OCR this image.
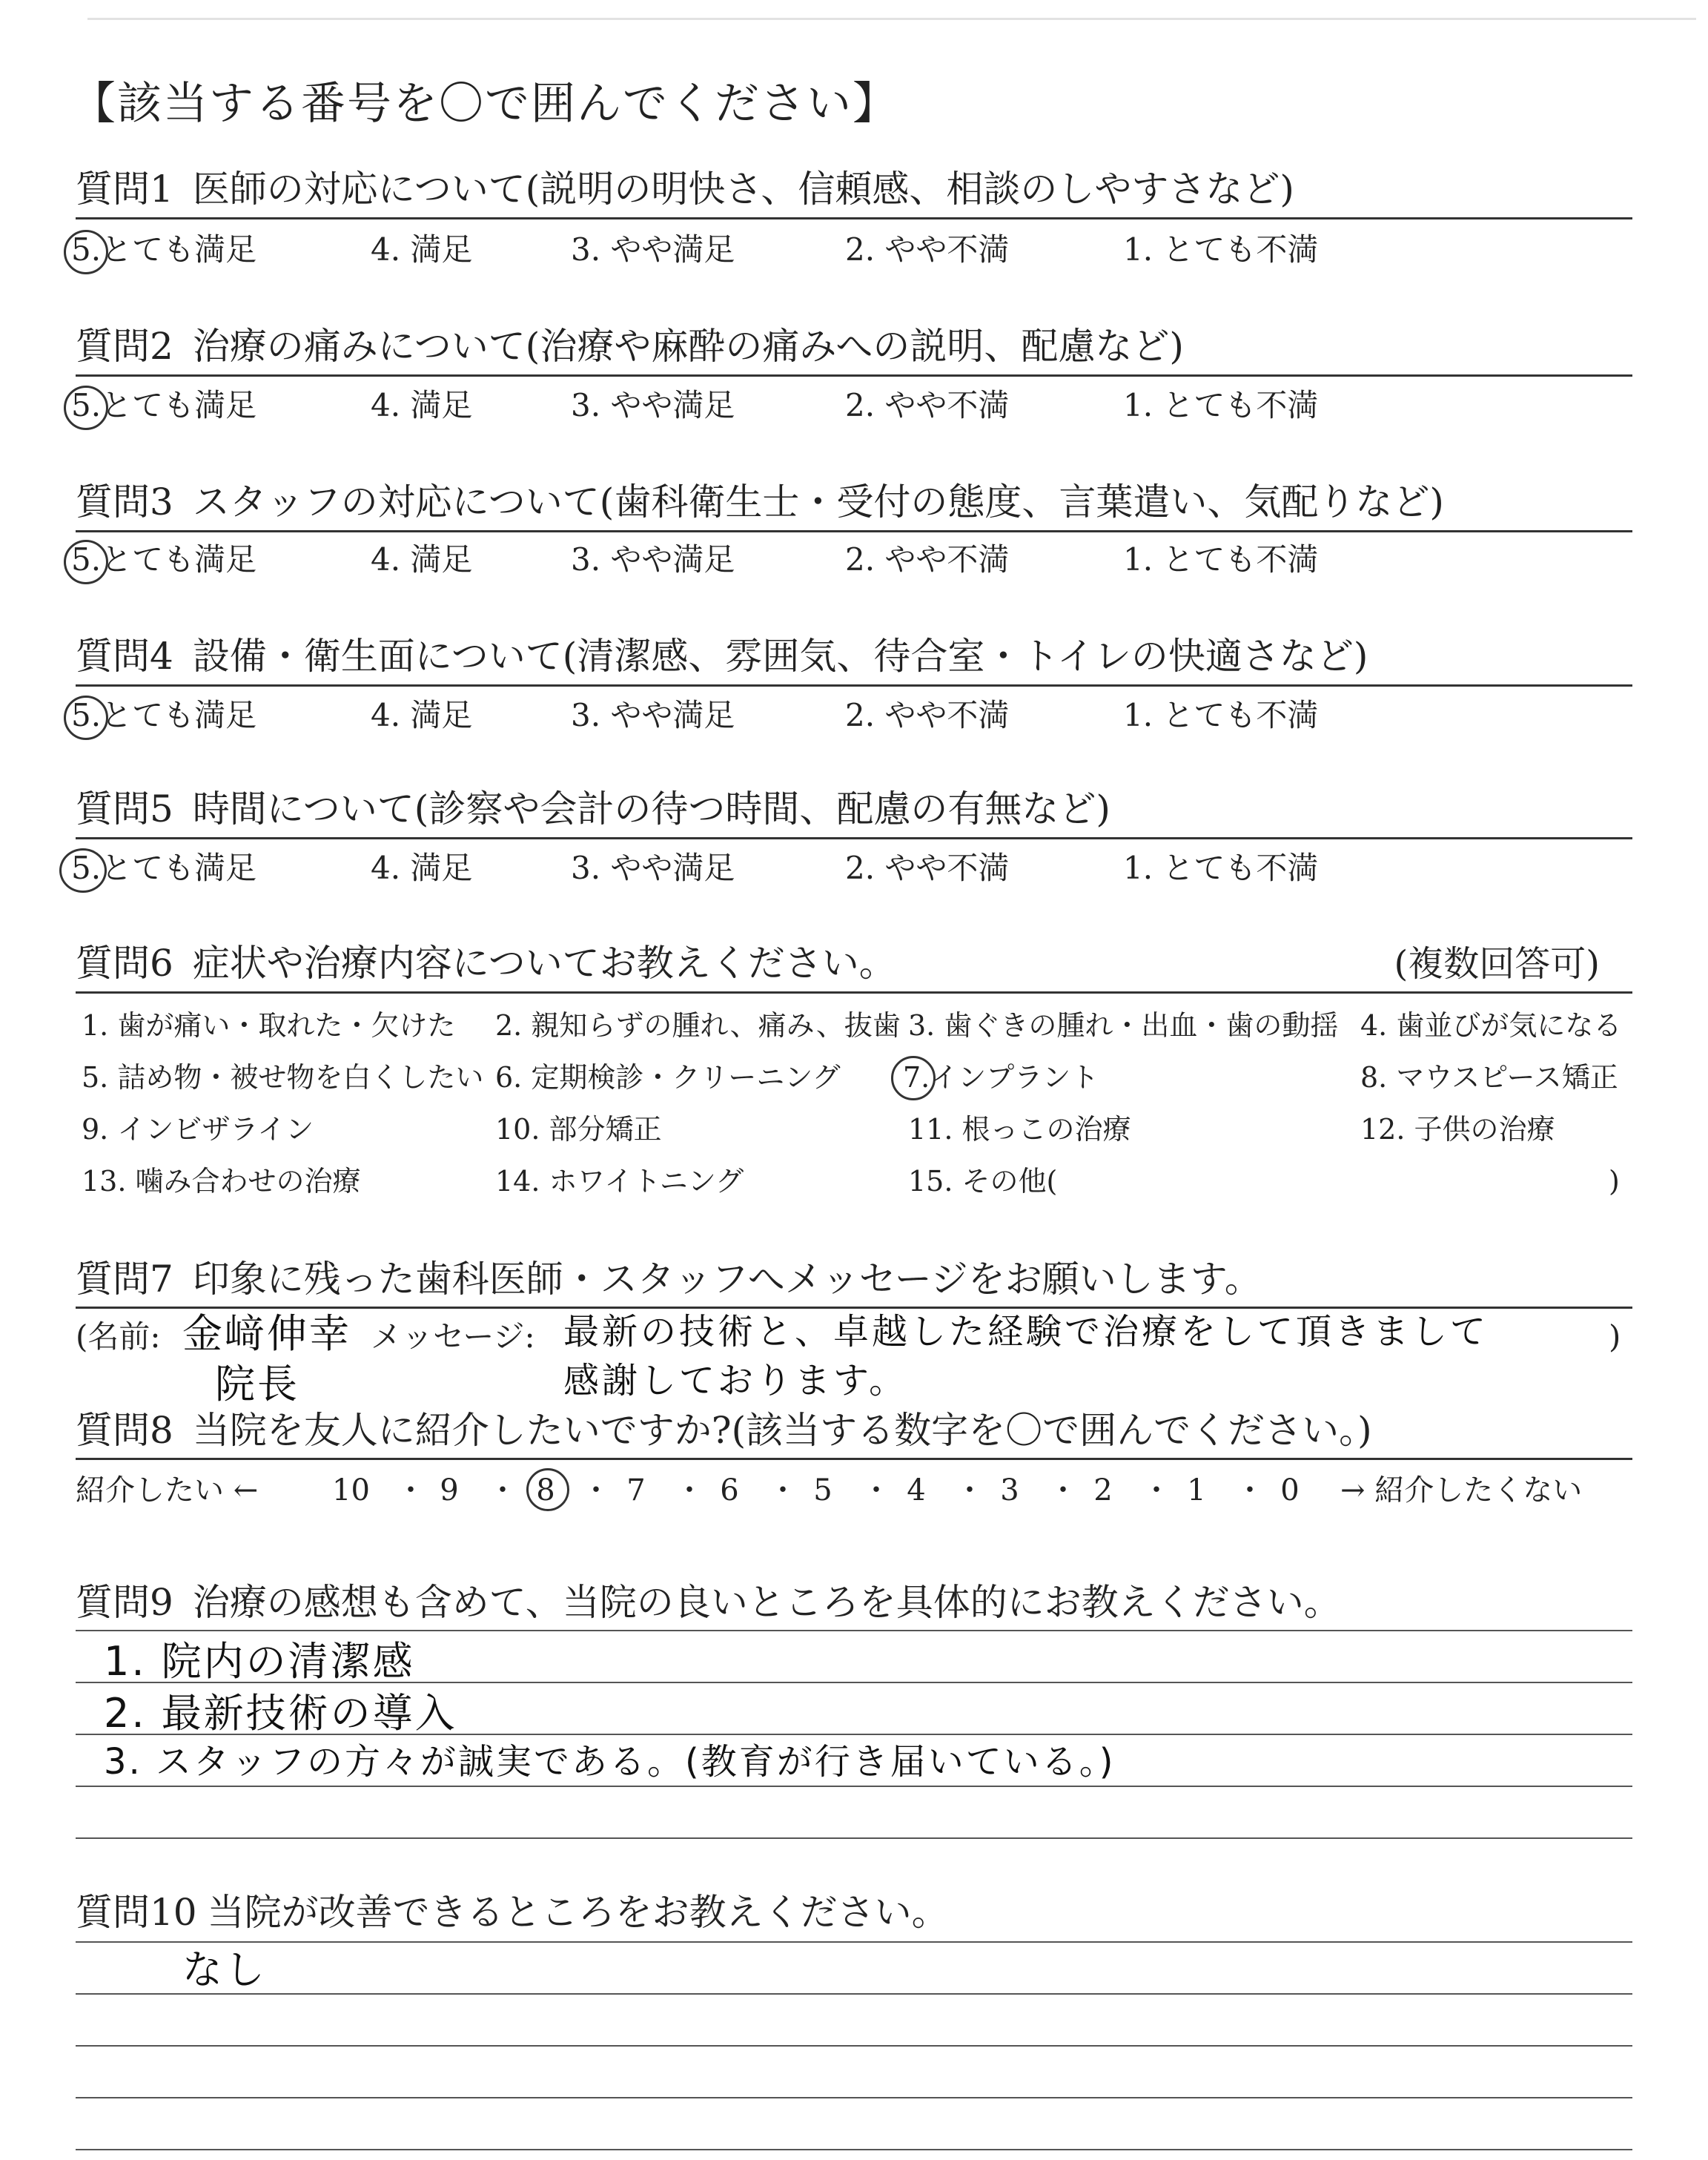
【該当する番号を〇で囲んでください】
質問1 医師の対応について(説明の明快さ、信頼感、相談のしやすさなど)
5.とても満足	4. 満足	3. やや満足	2. やや不満	1. とても不満
質問2 治療の痛みについて(治療や麻酔の痛みへの説明、配慮など)
5.とても満足	4. 満足	3. やや満足	2. やや不満	1. とても不満
質問3 スタッフの対応について(歯科衛生士・受付の態度、言葉遣い、気配りなど)
5.とても満足	4. 満足	3. やや満足	2. やや不満	1. とても不満
質問4 設備・衛生面について(清潔感、雰囲気、待合室・トイレの快適さなど)
5.とても満足	4. 満足	3. やや満足	2. やや不満	1. とても不満
質問5 時間について(診察や会計の待つ時間、配慮の有無など)
5.とても満足	4. 満足	3. やや満足	2. やや不満	1. とても不満
質問6 症状や治療内容についてお教えください。	(複数回答可)
1. 歯が痛い・取れた・欠けた 2. 親知らずの腫れ、痛み、抜歯 3. 歯ぐきの腫れ・出血・歯の動揺 4. 歯並びが気になる
5. 詰め物・被せ物を白くしたい 6. 定期検診・クリーニング 7.インプラント	8. マウスピース矯正
9. インビザライン	10. 部分矯正	11. 根っこの治療	12. 子供の治療
13. 噛み合わせの治療	14. ホワイトニング	15. その他(	)
質問7 印象に残った歯科医師・スタッフへメッセージをお願いします。
(名前: 金﨑伸幸
院長
メッセージ: 最新の技術と、卓越した経験で治療をして頂きまして
感謝しております。
)
質問8 当院を友人に紹介したいですか?(該当する数字を〇で囲んでください。)
紹介したい ← 10 ・ 9 ・ 8 ・ 7 ・ 6 ・ 5 ・ 4 ・ 3 ・ 2 ・ 1 ・ 0 → 紹介したくない
質問9 治療の感想も含めて、当院の良いところを具体的にお教えください。
1. 院内の清潔感
2. 最新技術の導入
3. スタッフの方々が誠実である。(教育が行き届いている。)
質問10 当院が改善できるところをお教えください。
なし
